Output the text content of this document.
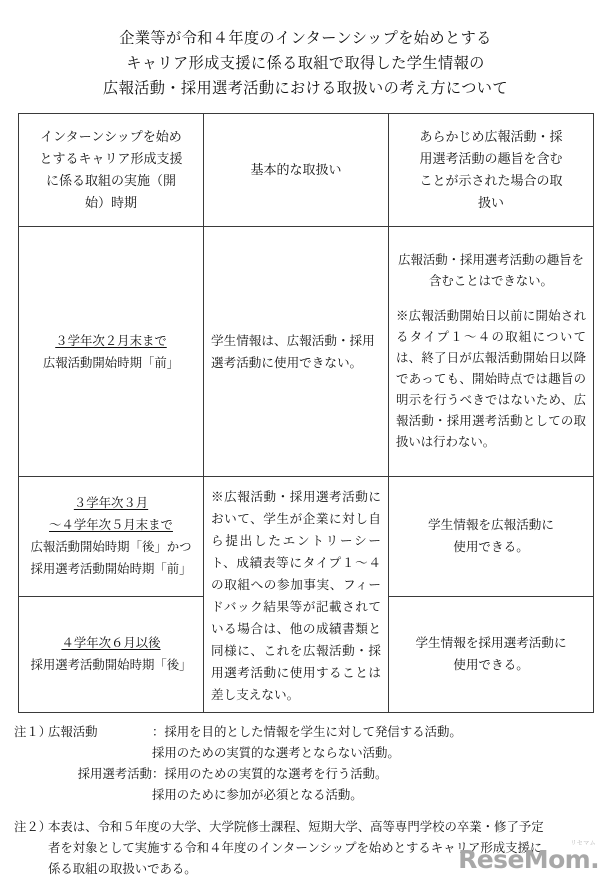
企業等が令和４年度のインターンシップを始めとする
キャリア形成支援に係る取組で取得した学生情報の
広報活動・採用選考活動における取扱いの考え方について
インターンシップを始め
とするキャリア形成支援
に係る取組の実施（開
始）時期	基本的な取扱い	あらかじめ広報活動・採
用選考活動の趣旨を含む
ことが示された場合の取
扱い

３学年次２月末まで
広報活動開始時期「前」	学生情報は、広報活動・採用選考活動に使用できない。	広報活動・採用選考活動の趣旨を含むことはできない。
※広報活動開始日以前に開始されるタイプ１～４の取組については、終了日が広報活動開始日以降であっても、開始時点では趣旨の明示を行うべきではないため、広報活動・採用選考活動としての取扱いは行わない。

３学年次３月
～４学年次５月末まで
広報活動開始時期「後」かつ
採用選考活動開始時期「前」	※広報活動・採用選考活動において、学生が企業に対し自ら提出したエントリーシート、成績表等にタイプ１～４の取組への参加事実、フィードバック結果等が記載されている場合は、他の成績書類と同様に、これを広報活動・採用選考活動に使用することは差し支えない。	学生情報を広報活動に
使用できる。

４学年次６月以後
採用選考活動開始時期「後」		学生情報を採用選考活動に
使用できる。
注１）広報活動	：採用を目的とした情報を学生に対して発信する活動。
採用のための実質的な選考とならない活動。
採用選考活動：採用のための実質的な選考を行う活動。
採用のために参加が必須となる活動。
注２）本表は、令和５年度の大学、大学院修士課程、短期大学、高等専門学校の卒業・修了予定
者を対象として実施する令和４年度のインターンシップを始めとするキャリア形成支援に
係る取組の取扱いである。
リセマム
ReseMom.
